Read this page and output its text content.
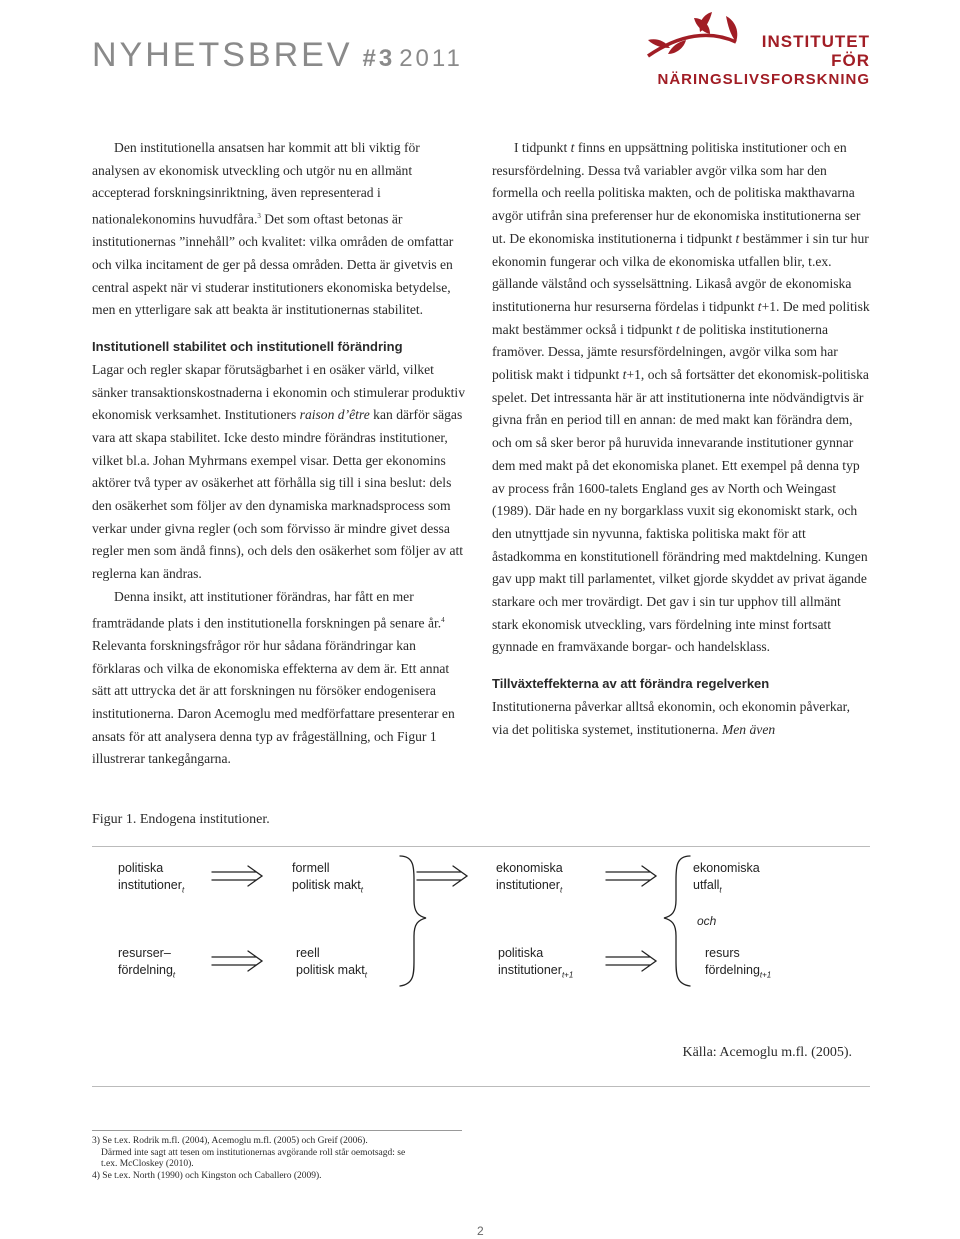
NYHETSBREV #3 2011
INSTITUTET FÖR
NÄRINGSLIVSFORSKNING

Den institutionella ansatsen har kommit att bli viktig för analysen av ekonomisk utveckling och utgör nu en allmänt accepterad forskningsinriktning, även representerad i nationalekonomins huvudfåra.$^3$ Det som oftast betonas är institutionernas ”innehåll” och kvalitet: vilka områden de omfattar och vilka incitament de ger på dessa områden. Detta är givetvis en central aspekt när vi studerar institutioners ekonomiska betydelse, men en ytterligare sak att beakta är institutionernas stabilitet.

Institutionell stabilitet och institutionell förändring

Lagar och regler skapar förutsägbarhet i en osäker värld, vilket sänker transaktionskostnaderna i ekonomin och stimulerar produktiv ekonomisk verksamhet. Institutioners raison d’être kan därför sägas vara att skapa stabilitet. Icke desto mindre förändras institutioner, vilket bl.a. Johan Myhrmans exempel visar. Detta ger ekonomins aktörer två typer av osäkerhet att förhålla sig till i sina beslut: dels den osäkerhet som följer av den dynamiska marknadsprocess som verkar under givna regler (och som förvisso är mindre givet dessa regler men som ändå finns), och dels den osäkerhet som följer av att reglerna kan ändras.

Denna insikt, att institutioner förändras, har fått en mer framträdande plats i den institutionella forskningen på senare år.$^4$ Relevanta forskningsfrågor rör hur sådana förändringar kan förklaras och vilka de ekonomiska effekterna av dem är. Ett annat sätt att uttrycka det är att forskningen nu försöker endogenisera institutionerna. Daron Acemoglu med medförfattare presenterar en ansats för att analysera denna typ av frågeställning, och Figur 1 illustrerar tankegångarna.

I tidpunkt t finns en uppsättning politiska institutioner och en resursfördelning. Dessa två variabler avgör vilka som har den formella och reella politiska makten, och de politiska makthavarna avgör utifrån sina preferenser hur de ekonomiska institutionerna ser ut. De ekonomiska institutionerna i tidpunkt t bestämmer i sin tur hur ekonomin fungerar och vilka de ekonomiska utfallen blir, t.ex. gällande välstånd och sysselsättning. Likaså avgör de ekonomiska institutionerna hur resurserna fördelas i tidpunkt t+1. De med politisk makt bestämmer också i tidpunkt t de politiska institutionerna framöver. Dessa, jämte resursfördelningen, avgör vilka som har politisk makt i tidpunkt t+1, och så fortsätter det ekonomisk-politiska spelet. Det intressanta här är att institutionerna inte nödvändigtvis är givna från en period till en annan: de med makt kan förändra dem, och om så sker beror på huruvida innevarande institutioner gynnar dem med makt på det ekonomiska planet. Ett exempel på denna typ av process från 1600-talets England ges av North och Weingast (1989). Där hade en ny borgarklass vuxit sig ekonomiskt stark, och den utnyttjade sin nyvunna, faktiska politiska makt för att åstadkomma en konstitutionell förändring med maktdelning. Kungen gav upp makt till parlamentet, vilket gjorde skyddet av privat ägande starkare och mer trovärdigt. Det gav i sin tur upphov till allmänt stark ekonomisk utveckling, vars fördelning inte minst fortsatt gynnade en framväxande borgar- och handelsklass.

Tillväxteffekterna av att förändra regelverken

Institutionerna påverkar alltså ekonomin, och ekonomin påverkar, via det politiska systemet, institutionerna. Men även

Figur 1. Endogena institutioner.
politiska
institutioner$_t$
formell
politisk makt$_t$
ekonomiska
institutioner$_t$
ekonomiska
utfall$_t$
och
resurser–
fördelning$_t$
reell
politisk makt$_t$
politiska
institutioner$_{t+1}$
resurs
fördelning$_{t+1}$
Källa: Acemoglu m.fl. (2005).
3) Se t.ex. Rodrik m.fl. (2004), Acemoglu m.fl. (2005) och Greif (2006).
Därmed inte sagt att tesen om institutionernas avgörande roll står oemotsagd: se t.ex. McCloskey (2010).
4) Se t.ex. North (1990) och Kingston och Caballero (2009).
2
